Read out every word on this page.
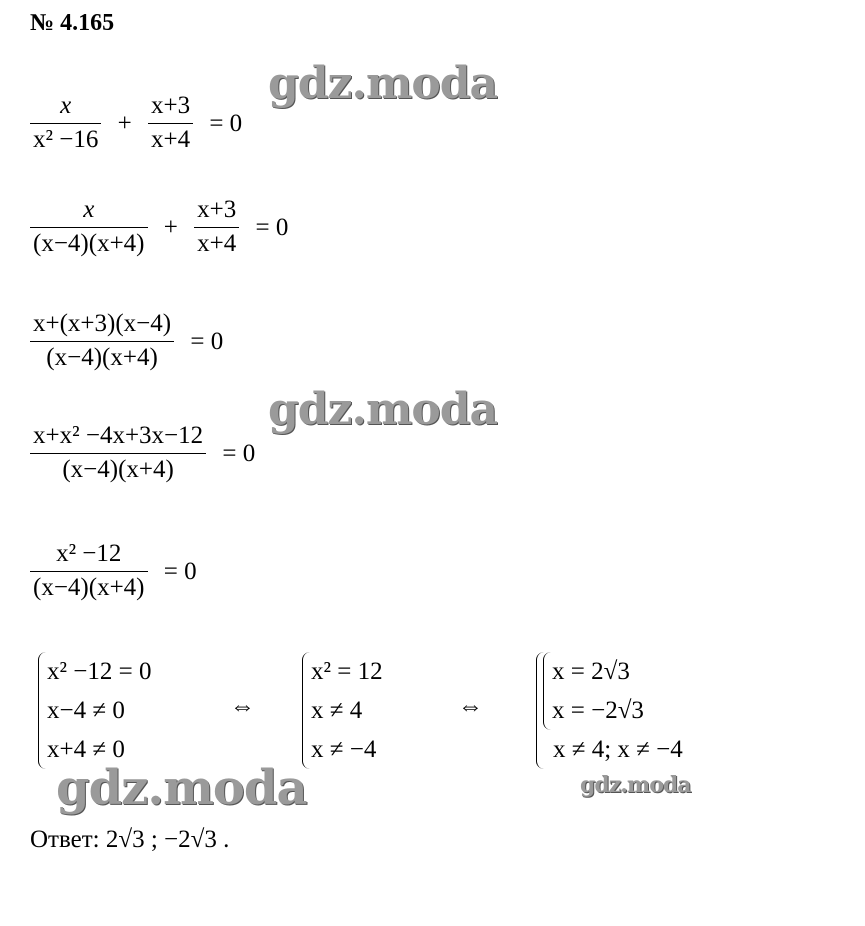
№ 4.165
$\frac{x}{\text{x² −16}} + \frac{x+3}{x+4} = 0$
$\frac{x}{(x-4)(x+4)} + \frac{x+3}{x+4} = 0$
$\frac{x+(x+3)(x-4)}{(x-4)(x+4)} = 0$
$\frac{\text{x+x² −4x+3x−12}}{(x-4)(x+4)} = 0$
$\frac{\text{x² −12}}{(x-4)(x+4)} = 0$
x² −12 = 0
x−4 ≠ 0
x+4 ≠ 0
⇔
x² = 12
x ≠ 4
x ≠ −4
⇔
x = 2√3
x = −2√3
x ≠ 4; x ≠ −4
Ответ: 2√3 ; −2√3 .
gdz.moda
gdz.moda
gdz.moda	gdz.moda
